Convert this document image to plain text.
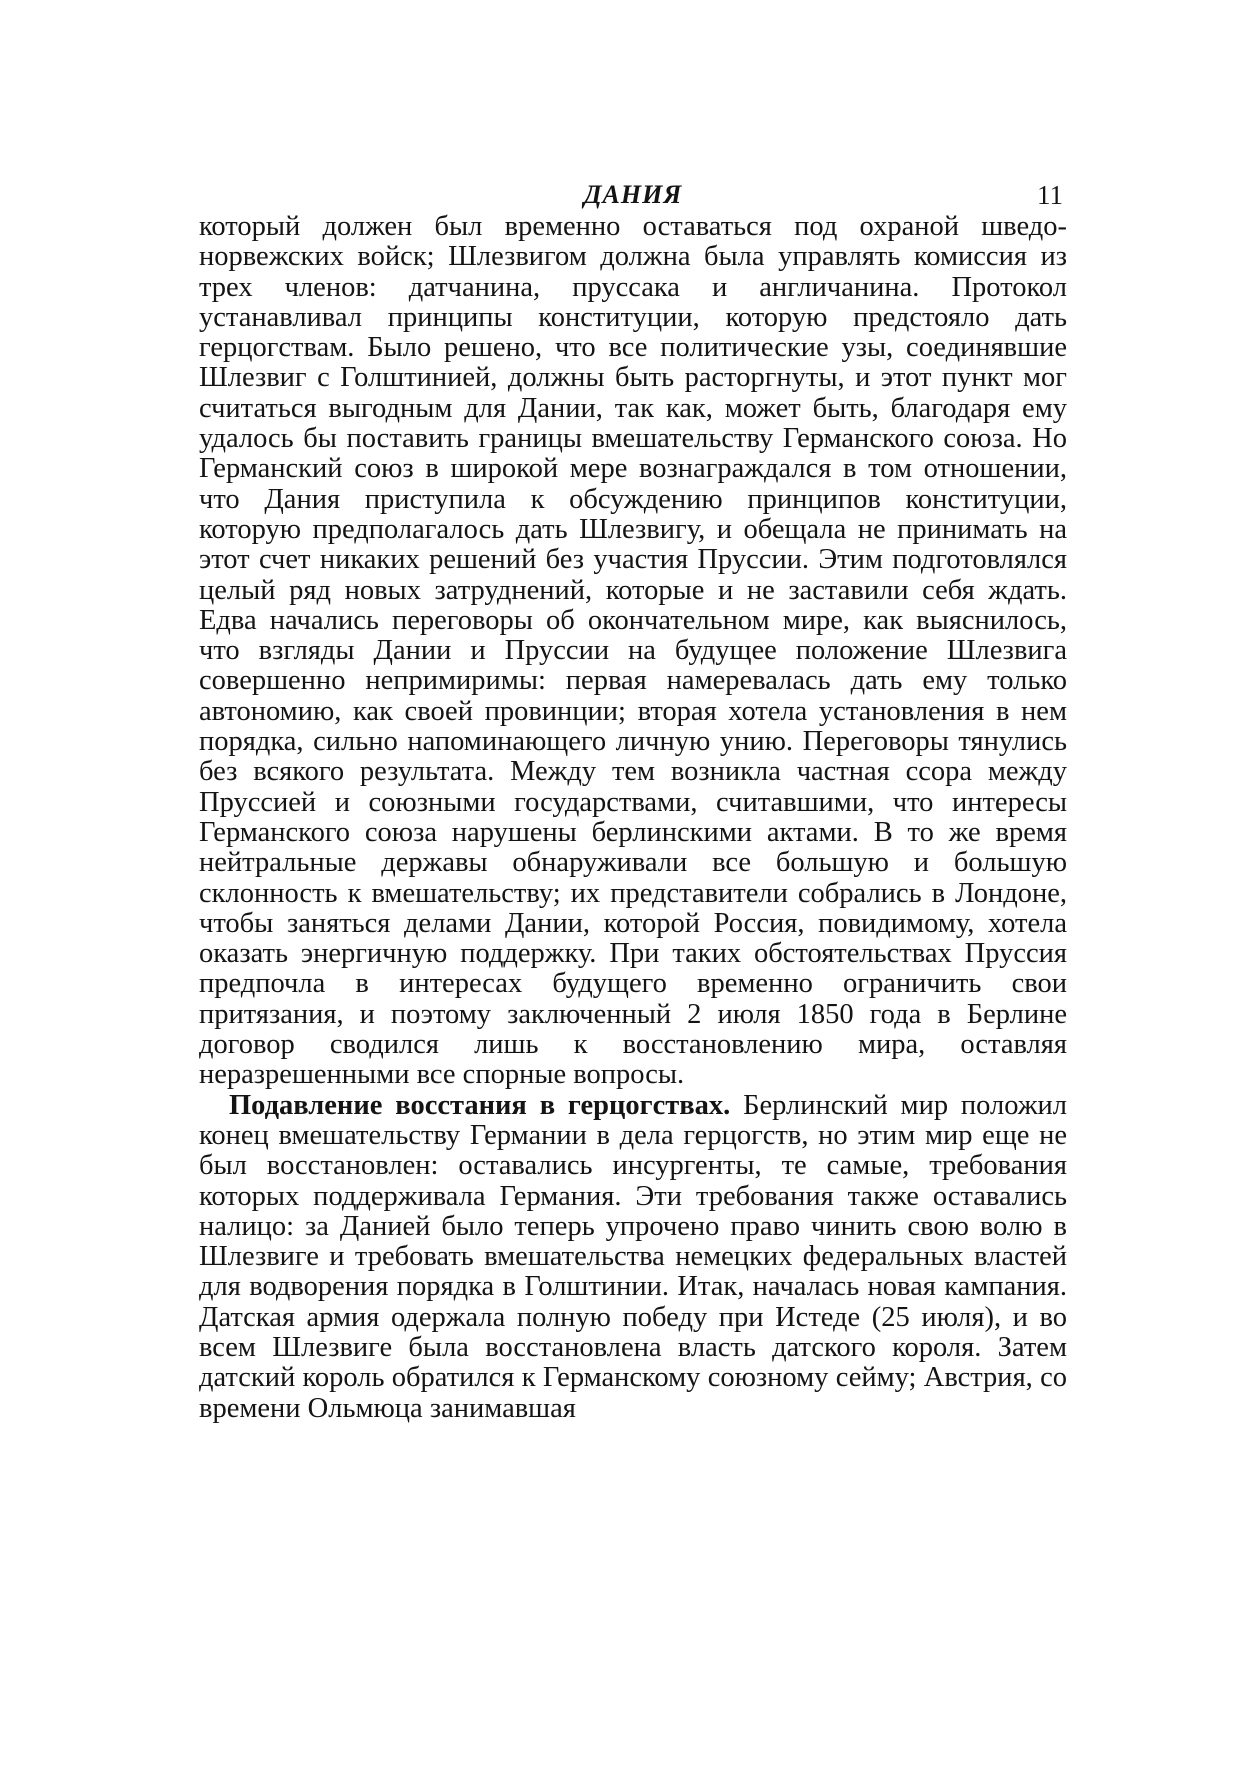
ДАНИЯ	11

который должен был временно оставаться под охраной шведонорвежских войск; Шлезвигом должна была управлять комиссия из трех членов: датчанина, пруссака и англичанина. Протокол устанавливал принципы конституции, которую предстояло дать герцогствам. Было решено, что все политические узы, соединявшие Шлезвиг с Голштинией, должны быть расторгнуты, и этот пункт мог считаться выгодным для Дании, так как, может быть, благодаря ему удалось бы поставить границы вмешательству Германского союза. Но Германский союз в широкой мере вознаграждался в том отношении, что Дания приступила к обсуждению принципов конституции, которую предполагалось дать Шлезвигу, и обещала не принимать на этот счет никаких решений без участия Пруссии. Этим подготовлялся целый ряд новых затруднений, которые и не заставили себя ждать. Едва начались переговоры об окончательном мире, как выяснилось, что взгляды Дании и Пруссии на будущее положение Шлезвига совершенно непримиримы: первая намеревалась дать ему только автономию, как своей провинции; вторая хотела установления в нем порядка, сильно напоминающего личную унию. Переговоры тянулись без всякого результата. Между тем возникла частная ссора между Пруссией и союзными государствами, считавшими, что интересы Германского союза нарушены берлинскими актами. В то же время нейтральные державы обнаруживали все большую и большую склонность к вмешательству; их представители собрались в Лондоне, чтобы заняться делами Дании, которой Россия, повидимому, хотела оказать энергичную поддержку. При таких обстоятельствах Пруссия предпочла в интересах будущего временно ограничить свои притязания, и поэтому заключенный 2 июля 1850 года в Берлине договор сводился лишь к восстановлению мира, оставляя неразрешенными все спорные вопросы.

Подавление восстания в герцогствах. Берлинский мир положил конец вмешательству Германии в дела герцогств, но этим мир еще не был восстановлен: оставались инсургенты, те самые, требования которых поддерживала Германия. Эти требования также оставались налицо: за Данией было теперь упрочено право чинить свою волю в Шлезвиге и требовать вмешательства немецких федеральных властей для водворения порядка в Голштинии. Итак, началась новая кампания. Датская армия одержала полную победу при Истеде (25 июля), и во всем Шлезвиге была восстановлена власть датского короля. Затем датский король обратился к Германскому союзному сейму; Австрия, со времени Ольмюца занимавшая
